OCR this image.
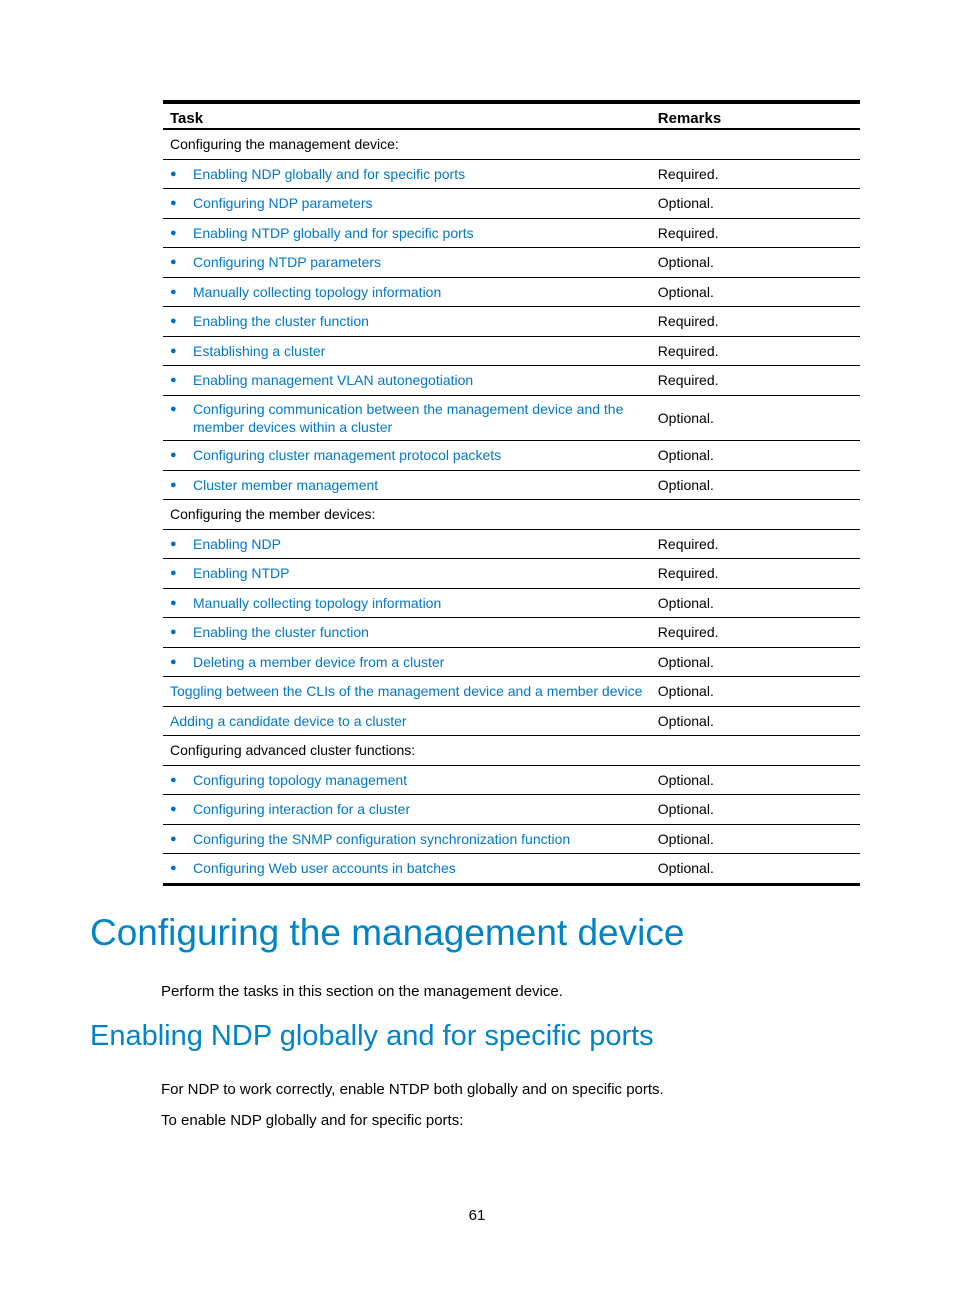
Task	Remarks
Configuring the management device:	

● Enabling NDP globally and for specific ports	Required.

● Configuring NDP parameters	Optional.

● Enabling NTDP globally and for specific ports	Required.

● Configuring NTDP parameters	Optional.

● Manually collecting topology information	Optional.

● Enabling the cluster function	Required.

● Establishing a cluster	Required.

● Enabling management VLAN autonegotiation	Required.

● Configuring communication between the management device and the
member devices within a cluster	Optional.

● Configuring cluster management protocol packets	Optional.

● Cluster member management	Optional.
Configuring the member devices:	

● Enabling NDP	Required.

● Enabling NTDP	Required.

● Manually collecting topology information	Optional.

● Enabling the cluster function	Required.

● Deleting a member device from a cluster	Optional.
Toggling between the CLIs of the management device and a member device	Optional.
Adding a candidate device to a cluster	Optional.
Configuring advanced cluster functions:	

● Configuring topology management	Optional.

● Configuring interaction for a cluster	Optional.

● Configuring the SNMP configuration synchronization function	Optional.

● Configuring Web user accounts in batches	Optional.
Configuring the management device

Perform the tasks in this section on the management device.

Enabling NDP globally and for specific ports

For NDP to work correctly, enable NTDP both globally and on specific ports.

To enable NDP globally and for specific ports:

61
